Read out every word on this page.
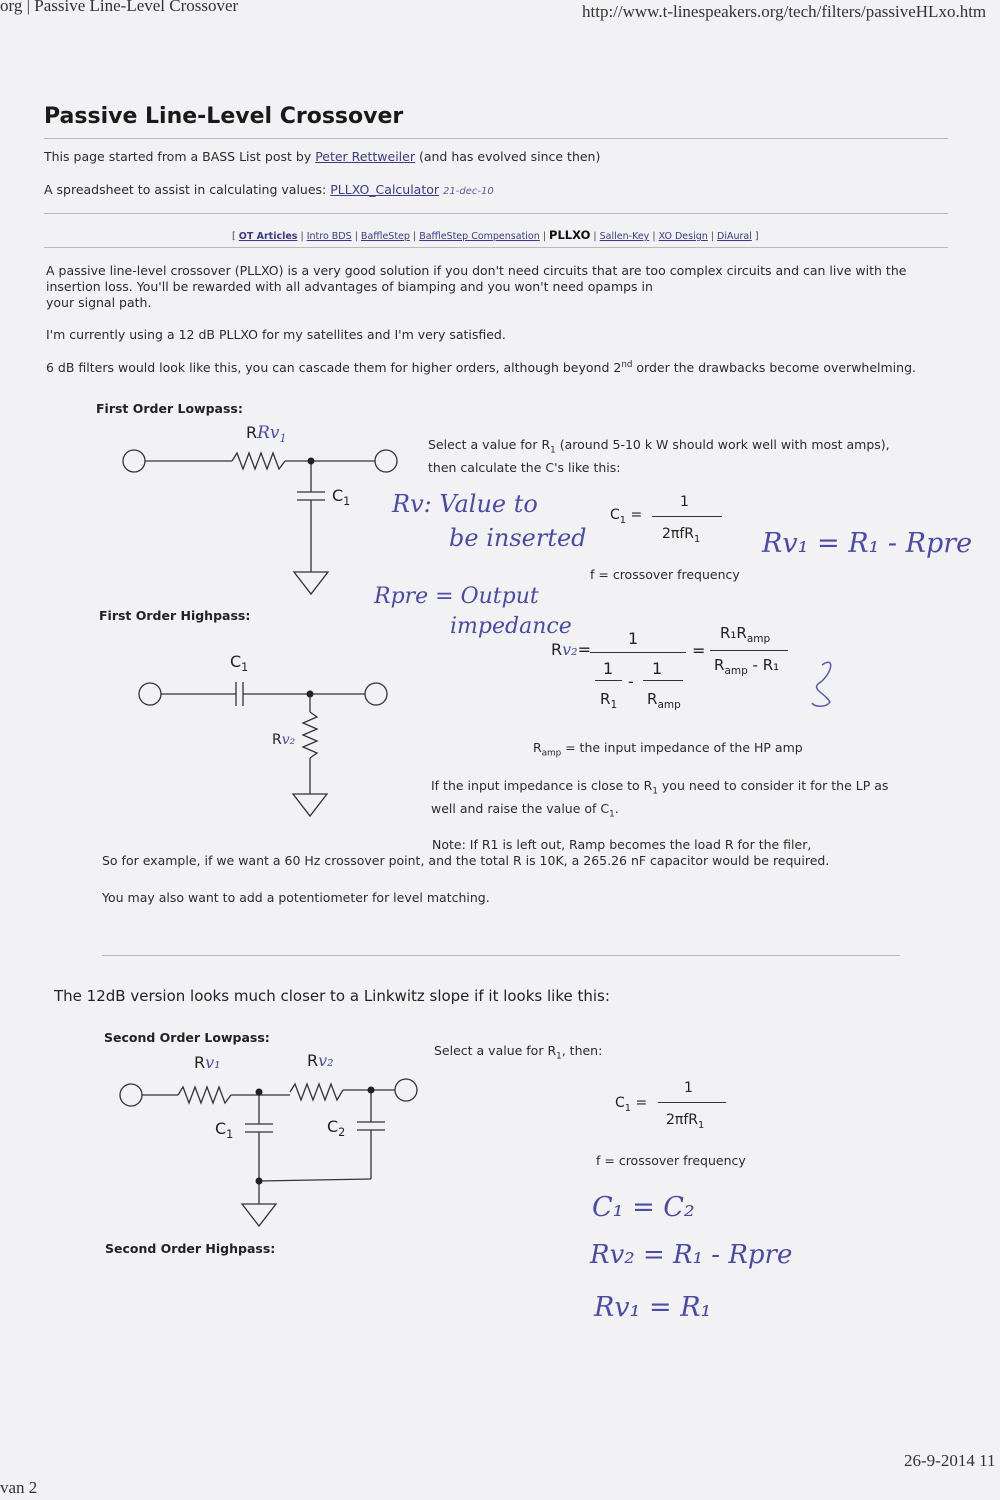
org | Passive Line-Level Crossover	http://www.t-linespeakers.org/tech/filters/passiveHLxo.htm
Passive Line-Level Crossover
This page started from a BASS List post by Peter Rettweiler (and has evolved since then)
A spreadsheet to assist in calculating values: PLLXO_Calculator 21-dec-10
[ OT Articles | Intro BDS | BaffleStep | BaffleStep Compensation | PLLXO | Sallen-Key | XO Design | DiAural ]
A passive line-level crossover (PLLXO) is a very good solution if you don't need circuits that are too complex circuits and can live with the
insertion loss. You'll be rewarded with all advantages of biamping and you won't need opamps in
your signal path.
I'm currently using a 12 dB PLLXO for my satellites and I'm very satisfied.
6 dB filters would look like this, you can cascade them for higher orders, although beyond 2nd order the drawbacks become overwhelming.
First Order Lowpass:
RRv$_1$
$C_1$
Select a value for $R_1$ (around 5-10 k W should work well with most amps),
then calculate the C's like this:
$C_1$ =
1
2πfR$_1$
f = crossover frequency
Rv: Value to
be inserted	Rv₁ = R₁ - Rpre
Rpre = Output
impedance
First Order Highpass:
$C_1$
Rv₂
Rv₂=
1
1 1
-
$R_1$ $R_{amp}$
=
$R_1R_{amp}$
$R_{amp} - R_1$
$R_{amp}$ = the input impedance of the HP amp
If the input impedance is close to $R_1$ you need to consider it for the LP as
well and raise the value of $C_1$.
Note: If R1 is left out, Ramp becomes the load R for the filer,
So for example, if we want a 60 Hz crossover point, and the total R is 10K, a 265.26 nF capacitor would be required.
You may also want to add a potentiometer for level matching.
The 12dB version looks much closer to a Linkwitz slope if it looks like this:
Second Order Lowpass:
Rv₁	Rv₂
$C_1$	$C_2$
Select a value for $R_1$, then:
$C_1$ =
1
2πfR$_1$
f = crossover frequency
C₁ = C₂
Rv₂ = R₁ - Rpre
Rv₁ = R₁
Second Order Highpass:
van 2
26-9-2014 11
